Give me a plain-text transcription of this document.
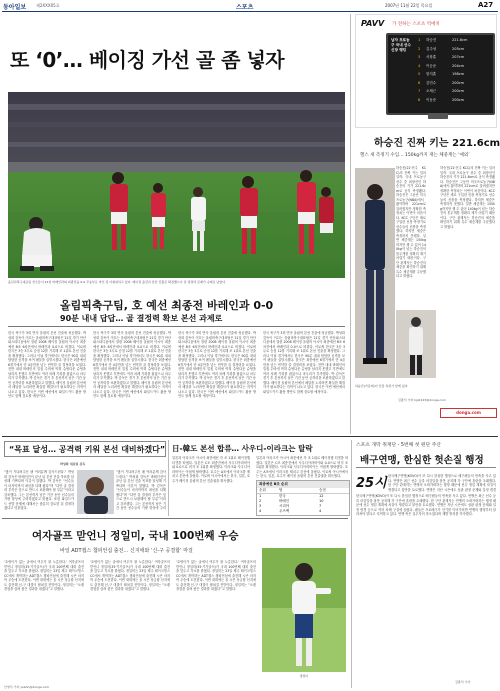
동아일보 제2XXX05호	스포츠	2007년 11월 22일 목요일	A27
또 ‘0’… 베이징 가선 골 좀 넣자
올림픽축구대표팀 선수들이 21일 바레인과의 최종전을 0-0 무승부로 마친 뒤 아쉬워하고 있다. 베이징 올림픽 본선 진출은 확정했으나 골 결정력 문제가 숙제로 남았다.
올림픽축구팀, 호 예선 최종전 바레인과 0-0
90분 내내 답답… 골 결정력 확보 본선 과제로
한국 축구가 3회 연속 올림픽 본선 진출에 성공했다. 박성화 감독이 이끄는 올림픽축구대표팀은 21일 경기 안산와스타디움에서 열린 2008 베이징 올림픽 아시아 최종예선 B조 6차전에서 바레인과 0-0으로 비겼다. 이로써 한국은 3승 3무로 승점 12를 기록해 조 1위로 본선 진출을 확정했다. 그러나 이날 경기에서도 한국은 90분 내내 답답한 공격을 보여 팬들을 실망시켰다. 한국은 최종예선 6경기에서 단 4골만을 넣는 빈약한 골 결정력을 보였다. 전반 내내 바레인의 밀집 수비에 막혀 슈팅다운 슈팅을 날리지 못했고 후반에도 여러 차례 기회를 잡았으나 마무리가 부족했다. 박 감독은 경기 후 본선까지 남은 기간 동안 공격력을 보완하겠다고 말했다. 베이징 올림픽 본선에서 메달을 노리려면 확실한 해결사가 필요하다는 지적이 나오고 있다. 한국은 이번 예선에서 와일드카드 활용 방안도 함께 검토할 예정이다.
한국 축구가 3회 연속 올림픽 본선 진출에 성공했다. 박성화 감독이 이끄는 올림픽축구대표팀은 21일 경기 안산와스타디움에서 열린 2008 베이징 올림픽 아시아 최종예선 B조 6차전에서 바레인과 0-0으로 비겼다. 이로써 한국은 3승 3무로 승점 12를 기록해 조 1위로 본선 진출을 확정했다. 그러나 이날 경기에서도 한국은 90분 내내 답답한 공격을 보여 팬들을 실망시켰다. 한국은 최종예선 6경기에서 단 4골만을 넣는 빈약한 골 결정력을 보였다. 전반 내내 바레인의 밀집 수비에 막혀 슈팅다운 슈팅을 날리지 못했고 후반에도 여러 차례 기회를 잡았으나 마무리가 부족했다. 박 감독은 경기 후 본선까지 남은 기간 동안 공격력을 보완하겠다고 말했다. 베이징 올림픽 본선에서 메달을 노리려면 확실한 해결사가 필요하다는 지적이 나오고 있다. 한국은 이번 예선에서 와일드카드 활용 방안도 함께 검토할 예정이다.
한국 축구가 3회 연속 올림픽 본선 진출에 성공했다. 박성화 감독이 이끄는 올림픽축구대표팀은 21일 경기 안산와스타디움에서 열린 2008 베이징 올림픽 아시아 최종예선 B조 6차전에서 바레인과 0-0으로 비겼다. 이로써 한국은 3승 3무로 승점 12를 기록해 조 1위로 본선 진출을 확정했다. 그러나 이날 경기에서도 한국은 90분 내내 답답한 공격을 보여 팬들을 실망시켰다. 한국은 최종예선 6경기에서 단 4골만을 넣는 빈약한 골 결정력을 보였다. 전반 내내 바레인의 밀집 수비에 막혀 슈팅다운 슈팅을 날리지 못했고 후반에도 여러 차례 기회를 잡았으나 마무리가 부족했다. 박 감독은 경기 후 본선까지 남은 기간 동안 공격력을 보완하겠다고 말했다. 베이징 올림픽 본선에서 메달을 노리려면 확실한 해결사가 필요하다는 지적이 나오고 있다. 한국은 이번 예선에서 와일드카드 활용 방안도 함께 검토할 예정이다.
한국 축구가 3회 연속 올림픽 본선 진출에 성공했다. 박성화 감독이 이끄는 올림픽축구대표팀은 21일 경기 안산와스타디움에서 열린 2008 베이징 올림픽 아시아 최종예선 B조 6차전에서 바레인과 0-0으로 비겼다. 이로써 한국은 3승 3무로 승점 12를 기록해 조 1위로 본선 진출을 확정했다. 그러나 이날 경기에서도 한국은 90분 내내 답답한 공격을 보여 팬들을 실망시켰다. 한국은 최종예선 6경기에서 단 4골만을 넣는 빈약한 골 결정력을 보였다. 전반 내내 바레인의 밀집 수비에 막혀 슈팅다운 슈팅을 날리지 못했고 후반에도 여러 차례 기회를 잡았으나 마무리가 부족했다. 박 감독은 경기 후 본선까지 남은 기간 동안 공격력을 보완하겠다고 말했다. 베이징 올림픽 본선에서 메달을 노리려면 확실한 해결사가 필요하다는 지적이 나오고 있다. 한국은 이번 예선에서 와일드카드 활용 방안도 함께 검토할 예정이다.
PAVV 가 전하는 스포츠 빅매치
남자 프로농구 국내 선수 신장 랭킹
1 하승진	221.6cm
2 김주성	205cm
3 서장훈	207cm
4 이승준	204cm
5 함지훈	198cm
6 김민수	200cm
7 오세근	200cm
8 이동준	200cm
하승진 진짜 키는 221.6cm
헬스 새 측정기 수입… 150kg까지 재는 체중계는 ‘예외’
하승진(22·전주 KCC)의 진짜 키는 얼마일까. 국내 프로농구 선수 중 최장신인 하승진의 키가 221.6cm로 공식 측정됐다. 하승진은 그동안 미국프로농구(NBA)에서 활약하며 221cm로 알려졌지만 정확한 측정치는 이번이 처음이다. KCC 구단은 새로 구입한 신장 측정기로 선수들의 신장을 측정했다. 하지만 체중은 측정하지 못했다. 일반 체중계는 150kg까지만 잴 수 있어 140kg이 넘는 하승진의 몸무게를 정확히 재기 어렵기 때문이다. 구단 관계자는 하승진의 체중을 확인하기 위해 특수 체중계를 주문했다고 밝혔다.
하승진(22·전주 KCC)의 진짜 키는 얼마일까. 국내 프로농구 선수 중 최장신인 하승진의 키가 221.6cm로 공식 측정됐다. 하승진은 그동안 미국프로농구(NBA)에서 활약하며 221cm로 알려졌지만 정확한 측정치는 이번이 처음이다. KCC 구단은 새로 구입한 신장 측정기로 선수들의 신장을 측정했다. 하지만 체중은 측정하지 못했다. 일반 체중계는 150kg까지만 잴 수 있어 140kg이 넘는 하승진의 몸무게를 정확히 재기 어렵기 때문이다. 구단 관계자는 하승진의 체중을 확인하기 위해 특수 체중계를 주문했다고 밝혔다.
하승진(가운데)이 신장 측정기 앞에 섰다.
김종석 기자 kjs0123@donga.com
donga.com
“목표 달성… 공격력 키워 본선 대비하겠다”
박성화 대표팀 감독
“많이 기다려주신 팬 여러분께 감사드린다.” 박성화 감독은 바레인전이 끝난 뒤 본선 진출 목표를 달성해 기쁘다며 이같이 말했다. 박 감독은 “선수들이 마지막까지 최선을 다해 줬다”며 “다만 골 결정력 부족은 앞으로 반드시 보완해야 할 부분”이라고 강조했다. 그는 본선까지 남은 기간 동안 선수들의 기량 향상에 주력하겠다고 밝혔다. 또한 와일드카드 선발 문제에 대해서는 충분히 검토한 뒤 결정하겠다고 덧붙였다.
“많이 기다려주신 팬 여러분께 감사드린다.” 박성화 감독은 바레인전이 끝난 뒤 본선 진출 목표를 달성해 기쁘다며 이같이 말했다. 박 감독은 “선수들이 마지막까지 최선을 다해 줬다”며 “다만 골 결정력 부족은 앞으로 반드시 보완해야 할 부분”이라고 강조했다. 그는 본선까지 남은 기간 동안 선수들의 기량 향상에 주력
日-韓도 본선 합류… 사우디-이라크는 탈락
일본과 이라크가 아시아 최종예선 각 조 1위로 베이징행 티켓을 따냈다. 일본은 C조 최종전에서 사우디아라비아와 0-0으로 비겨 조 1위를 확정했다. 이라크와 사우디아라비아는 아쉽게 탈락했다. 호주는 A조에서 이라크를 제치고 본선에 올랐다. 이로써 아시아에서는 한국, 일본, 호주가 베이징 올림픽 본선 진출권을 획득했다.
일본과 이라크가 아시아 최종예선 각 조 1위로 베이징행 티켓을 따냈다. 일본은 C조 최종전에서 사우디아라비아와 0-0으로 비겨 조 1위를 확정했다. 이라크와 사우디아라비아는 아쉽게 탈락했다. 호주는 A조에서 이라크를 제치고 본선에 올랐다. 이로써 아시아에서는 한국, 일본, 호주가 베이징 올림픽 본선 진출권을 획득했다.
최종예선 B조 순위
순위	팀	승점
1	한국	12
2	바레인	10
3	시리아	7
4	우즈벡	4
스포츠 개막 취재단 - 5번째 첫 원단 주산
배구연맹, 한심한 헛손질 행정
25시 한국배구연맹(KOVO)이 또 다시 한심한 행정으로 배구팬들의 빈축을 사고 있다. 연맹은 최근 선수 등록 마감일을 잘못 공지해 각 구단에 혼란을 초래했다. 한 구단 관계자는 연맹의 오락가락하는 행정 때문에 선수 영입 계획에 차질이 생겼다고 불만을 토로했다. 연맹은 지난 시즌에도 심판 판정 문제와 일정 변경
한국배구연맹(KOVO)이 또 다시 한심한 행정으로 배구팬들의 빈축을 사고 있다. 연맹은 최근 선수 등록 마감일을 잘못 공지해 각 구단에 혼란을 초래했다. 한 구단 관계자는 연맹의 오락가락하는 행정 때문에 선수 영입 계획에 차질이 생겼다고 불만을 토로했다. 연맹은 지난 시즌에도 심판 판정 문제와 일정 변경 등으로 여러 차례 구설에 올랐다. 팬들은 프로배구가 인기를 이어가려면 연맹의 행정부터 달라져야 한다고 지적하고 있다. 연맹 측은 실무자의 착오였다며 재발 방지를 약속했다.
김종석 기자
여자골프 맏언니 정일미, 국내 100번째 우승
바일 ADT캡스 챔피언십 출전… 신지애와 ‘신-구 공결합’ 마걸
‘호랑이가 없는 굴에서 여우가 왕 노릇한다.’ 여자골프의 맏언니 정일미(35·기가골프)가 국내 100번째 대회 출전을 앞두고 각오를 밝혔다. 정일미는 23일 제주 레이크힐스CC에서 개막하는 ADT캡스 챔피언십에 출전해 시즌 마지막 우승에 도전한다. 이번 대회에는 올 시즌 상금왕 신지애도 출전해 신-구 대결이 펼쳐질 전망이다. 정일미는 “오랜 경험을 살려 좋은 결과를 내겠다”고 말했다.
‘호랑이가 없는 굴에서 여우가 왕 노릇한다.’ 여자골프의 맏언니 정일미(35·기가골프)가 국내 100번째 대회 출전을 앞두고 각오를 밝혔다. 정일미는 23일 제주 레이크힐스CC에서 개막하는 ADT캡스 챔피언십에 출전해 시즌 마지막 우승에 도전한다. 이번 대회에는 올 시즌 상금왕 신지애도 출전해 신-구 대결이 펼쳐질 전망이다. 정일미는 “오랜 경험을 살려 좋은 결과를 내겠다”고 말했다.
‘호랑이가 없는 굴에서 여우가 왕 노릇한다.’ 여자골프의 맏언니 정일미(35·기가골프)가 국내 100번째 대회 출전을 앞두고 각오를 밝혔다. 정일미는 23일 제주 레이크힐스CC에서 개막하는 ADT캡스 챔피언십에 출전해 시즌 마지막 우승에 도전한다. 이번 대회에는 올 시즌 상금왕 신지애도 출전해 신-구 대결이 펼쳐질 전망이다. 정일미는 “오랜 경험을 살려 좋은 결과를 내겠다”고 말했다.
정일미
안영식 기자 ysahn@donga.com
